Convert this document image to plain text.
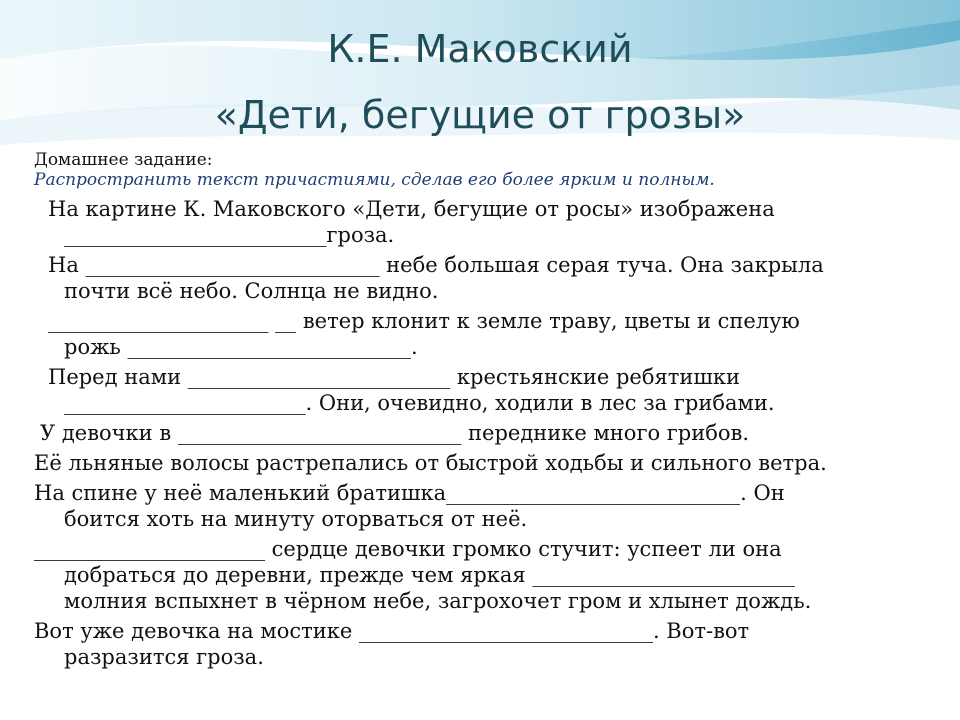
К.Е. Маковский
«Дети, бегущие от грозы»

Домашнее задание:

Распространить текст причастиями, сделав его более ярким и полным.

На картине К. Маковского «Дети, бегущие от росы» изображена
_________________________гроза.
На ____________________________ небе большая серая туча. Она закрыла
почти всё небо. Солнца не видно.
_____________________ __ ветер клонит к земле траву, цветы и спелую
рожь ___________________________.
Перед нами _________________________ крестьянские ребятишки
_______________________. Они, очевидно, ходили в лес за грибами.
У девочки в ___________________________ переднике много грибов.
Её льняные волосы растрепались от быстрой ходьбы и сильного ветра.
На спине у неё маленький братишка____________________________. Он
боится хоть на минуту оторваться от неё.
______________________ сердце девочки громко стучит: успеет ли она
добраться до деревни, прежде чем яркая _________________________
молния вспыхнет в чёрном небе, загрохочет гром и хлынет дождь.
Вот уже девочка на мостике ____________________________. Вот-вот
разразится гроза.
